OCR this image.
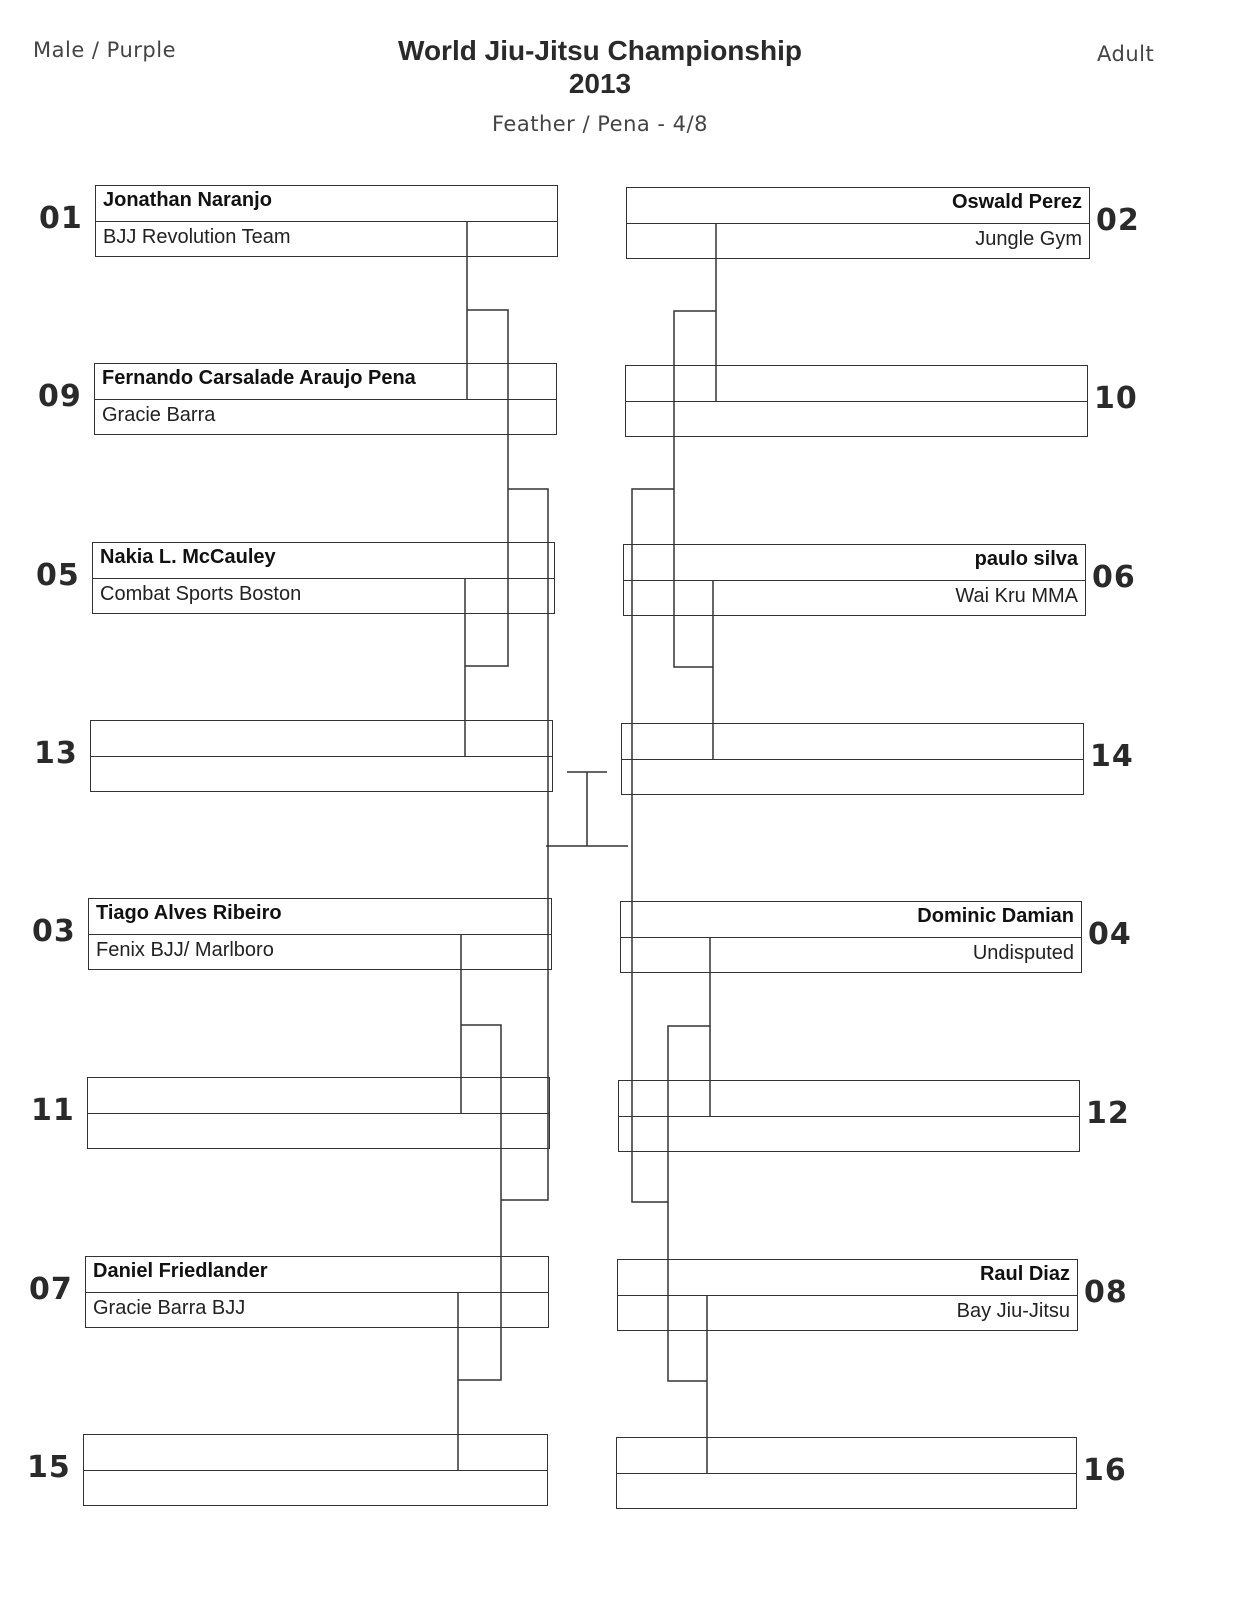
Male / Purple	World Jiu-Jitsu Championship
2013
Feather / Pena - 4/8
Adult
Jonathan Naranjo
BJJ Revolution Team
01
Fernando Carsalade Araujo Pena
Gracie Barra
09
Nakia L. McCauley
Combat Sports Boston
05
13
Tiago Alves Ribeiro
Fenix BJJ/ Marlboro
03
11
Daniel Friedlander
Gracie Barra BJJ
07
15
Oswald Perez
Jungle Gym
02
10
paulo silva
Wai Kru MMA
06
14
Dominic Damian
Undisputed
04
12
Raul Diaz
Bay Jiu-Jitsu
08
16
